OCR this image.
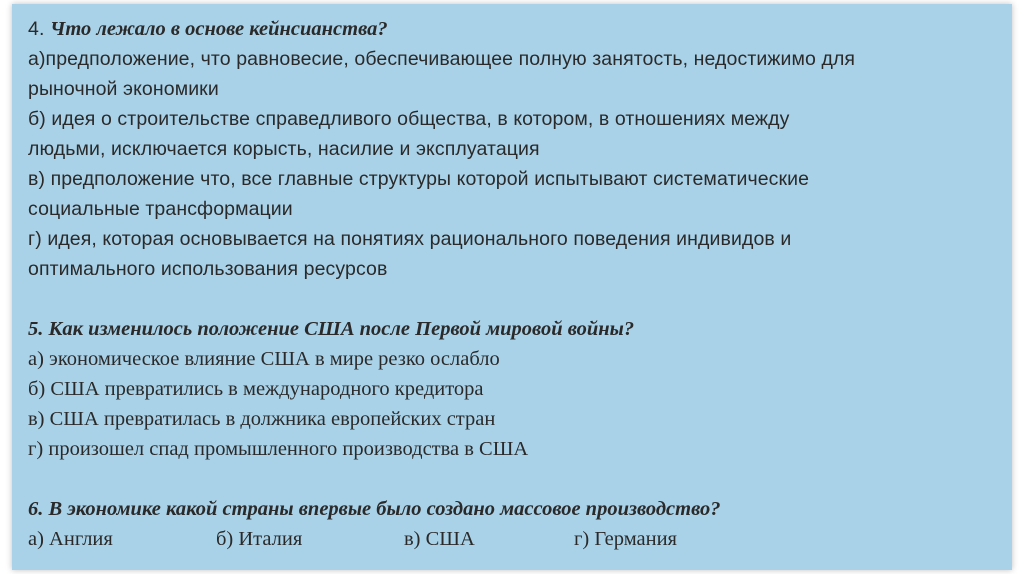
4. Что лежало в основе кейнсианства?
а)предположение, что равновесие, обеспечивающее полную занятость, недостижимо для
рыночной экономики
б) идея о строительстве справедливого общества, в котором, в отношениях между
людьми, исключается корысть, насилие и эксплуатация
в) предположение что, все главные структуры которой испытывают систематические
социальные трансформации
г) идея, которая основывается на понятиях рационального поведения индивидов и
оптимального использования ресурсов
5. Как изменилось положение США после Первой мировой войны?
а) экономическое влияние США в мире резко ослабло
б) США превратились в международного кредитора
в) США превратилась в должника европейских стран
г) произошел спад промышленного производства в США
6. В экономике какой страны впервые было создано массовое производство?
а) Англия	б) Италия	в) США	г) Германия
